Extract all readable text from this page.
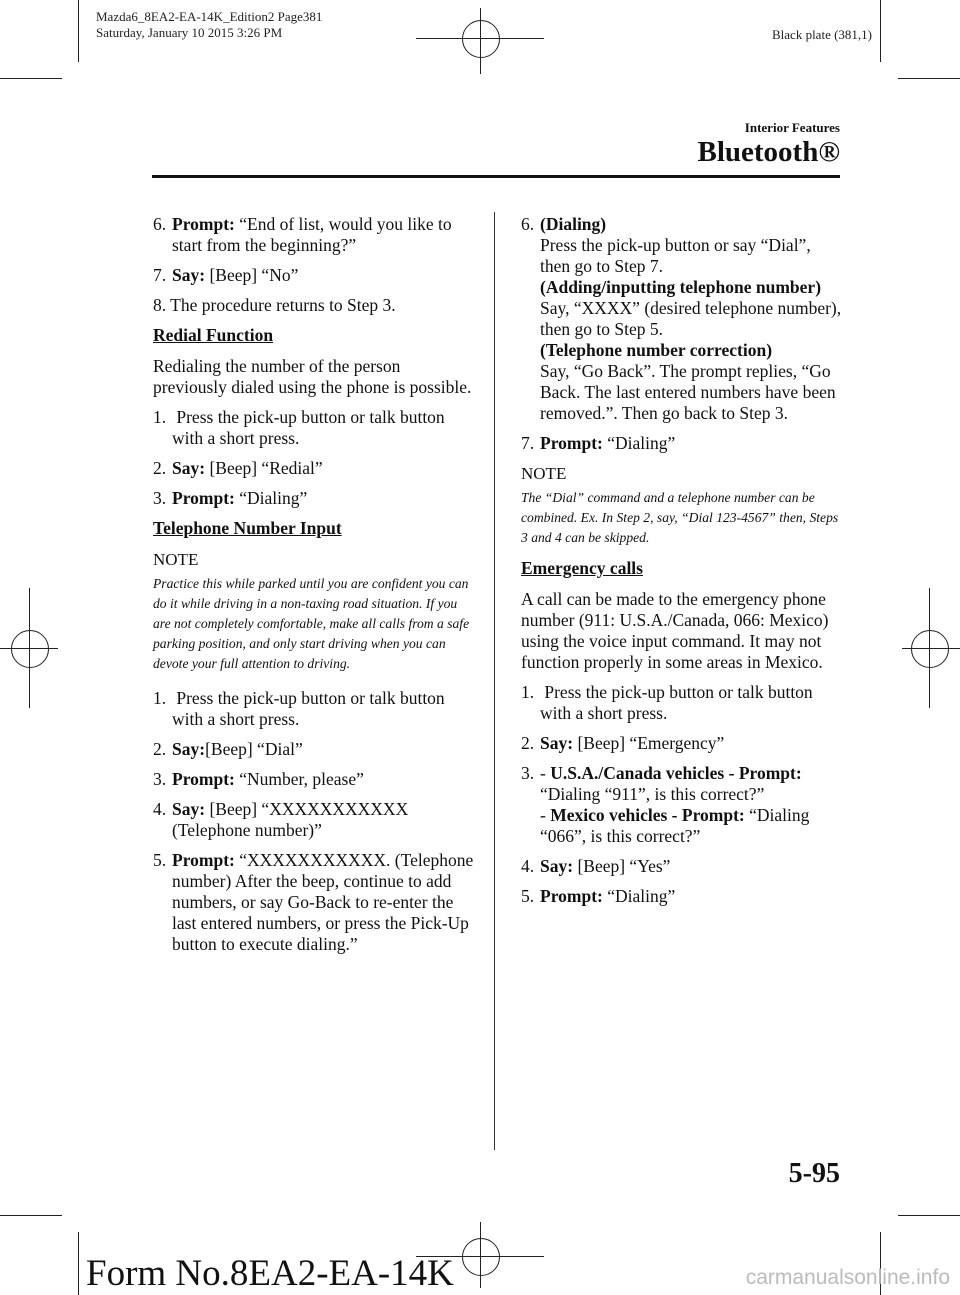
Mazda6_8EA2-EA-14K_Edition2 Page381
Saturday, January 10 2015 3:26 PM	Black plate (381,1)
Interior Features
Bluetooth®

6. Prompt: “End of list, would you like to start from the beginning?”

7. Say: [Beep] “No”

8. The procedure returns to Step 3.

Redial Function

Redialing the number of the person previously dialed using the phone is possible.

1. Press the pick-up button or talk button with a short press.

2. Say: [Beep] “Redial”

3. Prompt: “Dialing”

Telephone Number Input
NOTE

Practice this while parked until you are confident you can do it while driving in a non-taxing road situation. If you are not completely comfortable, make all calls from a safe parking position, and only start driving when you can devote your full attention to driving.

1. Press the pick-up button or talk button with a short press.

2. Say:[Beep] “Dial”

3. Prompt: “Number, please”

4. Say: [Beep] “XXXXXXXXXXX (Telephone number)”

5. Prompt: “XXXXXXXXXXX. (Telephone number) After the beep, continue to add numbers, or say Go-Back to re-enter the last entered numbers, or press the Pick-Up button to execute dialing.”

6. (Dialing)
Press the pick-up button or say “Dial”, then go to Step 7.
(Adding/inputting telephone number)
Say, “XXXX” (desired telephone number), then go to Step 5.
(Telephone number correction)
Say, “Go Back”. The prompt replies, “Go Back. The last entered numbers have been removed.”. Then go back to Step 3.

7. Prompt: “Dialing”

NOTE

The “Dial” command and a telephone number can be combined. Ex. In Step 2, say, “Dial 123-4567” then, Steps 3 and 4 can be skipped.

Emergency calls

A call can be made to the emergency phone number (911: U.S.A./Canada, 066: Mexico) using the voice input command. It may not function properly in some areas in Mexico.

1. Press the pick-up button or talk button with a short press.

2. Say: [Beep] “Emergency”

3. - U.S.A./Canada vehicles - Prompt:
“Dialing “911”, is this correct?”
- Mexico vehicles - Prompt: “Dialing “066”, is this correct?”

4. Say: [Beep] “Yes”

5. Prompt: “Dialing”

5-95
Form No.8EA2-EA-14K	carmanualsonline.info
